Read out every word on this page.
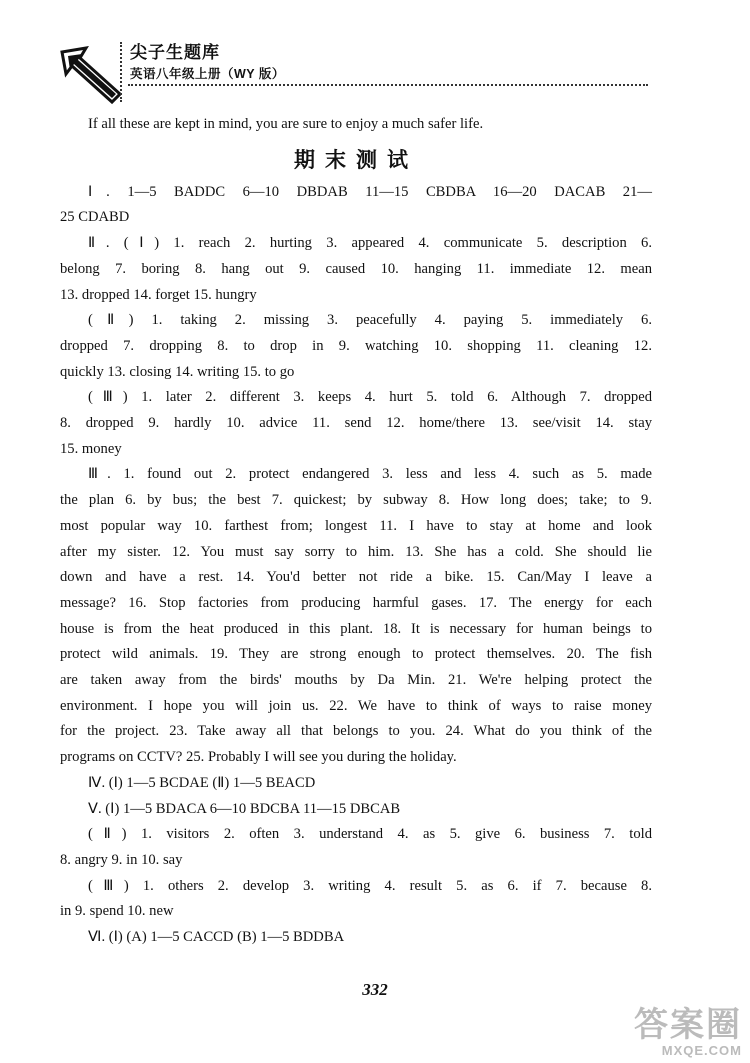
尖子生题库
英语八年级上册（WY 版）

If all these are kept in mind, you are sure to enjoy a much safer life.

期末测试

Ⅰ. 1—5 BADDC 6—10 DBDAB 11—15 CBDBA 16—20 DACAB 21—

25 CDABD

Ⅱ. (Ⅰ) 1. reach 2. hurting 3. appeared 4. communicate 5. description 6.

belong 7. boring 8. hang out 9. caused 10. hanging 11. immediate 12. mean

13. dropped 14. forget 15. hungry

(Ⅱ) 1. taking 2. missing 3. peacefully 4. paying 5. immediately 6.

dropped 7. dropping 8. to drop in 9. watching 10. shopping 11. cleaning 12.

quickly 13. closing 14. writing 15. to go

(Ⅲ) 1. later 2. different 3. keeps 4. hurt 5. told 6. Although 7. dropped

8. dropped 9. hardly 10. advice 11. send 12. home/there 13. see/visit 14. stay

15. money

Ⅲ. 1. found out 2. protect endangered 3. less and less 4. such as 5. made

the plan 6. by bus; the best 7. quickest; by subway 8. How long does; take; to 9.

most popular way 10. farthest from; longest 11. I have to stay at home and look

after my sister. 12. You must say sorry to him. 13. She has a cold. She should lie

down and have a rest. 14. You'd better not ride a bike. 15. Can/May I leave a

message? 16. Stop factories from producing harmful gases. 17. The energy for each

house is from the heat produced in this plant. 18. It is necessary for human beings to

protect wild animals. 19. They are strong enough to protect themselves. 20. The fish

are taken away from the birds' mouths by Da Min. 21. We're helping protect the

environment. I hope you will join us. 22. We have to think of ways to raise money

for the project. 23. Take away all that belongs to you. 24. What do you think of the

programs on CCTV? 25. Probably I will see you during the holiday.

Ⅳ. (Ⅰ) 1—5 BCDAE (Ⅱ) 1—5 BEACD

Ⅴ. (Ⅰ) 1—5 BDACA 6—10 BDCBA 11—15 DBCAB

(Ⅱ) 1. visitors 2. often 3. understand 4. as 5. give 6. business 7. told

8. angry 9. in 10. say

(Ⅲ) 1. others 2. develop 3. writing 4. result 5. as 6. if 7. because 8.

in 9. spend 10. new

Ⅵ. (Ⅰ) (A) 1—5 CACCD (B) 1—5 BDDBA

332
答案圈
MXQE.COM
